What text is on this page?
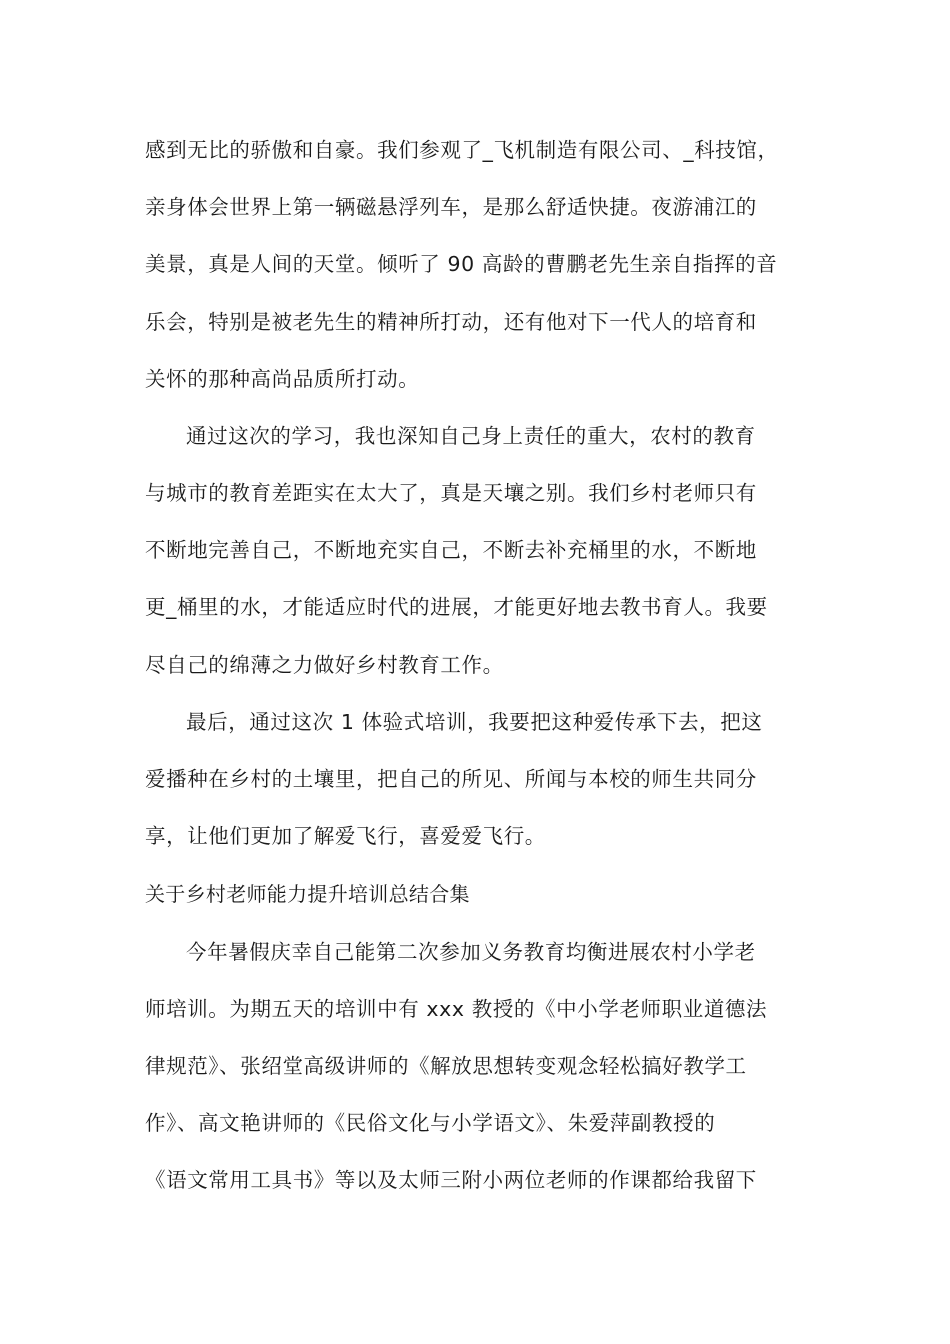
感到无比的骄傲和自豪。我们参观了_飞机制造有限公司、_科技馆，
亲身体会世界上第一辆磁悬浮列车，是那么舒适快捷。夜游浦江的
美景，真是人间的天堂。倾听了 90 高龄的曹鹏老先生亲自指挥的音
乐会，特别是被老先生的精神所打动，还有他对下一代人的培育和
关怀的那种高尚品质所打动。
通过这次的学习，我也深知自己身上责任的重大，农村的教育
与城市的教育差距实在太大了，真是天壤之别。我们乡村老师只有
不断地完善自己，不断地充实自己，不断去补充桶里的水，不断地
更_桶里的水，才能适应时代的进展，才能更好地去教书育人。我要
尽自己的绵薄之力做好乡村教育工作。
最后，通过这次 1 体验式培训，我要把这种爱传承下去，把这
爱播种在乡村的土壤里，把自己的所见、所闻与本校的师生共同分
享，让他们更加了解爱飞行，喜爱爱飞行。
关于乡村老师能力提升培训总结合集
今年暑假庆幸自己能第二次参加义务教育均衡进展农村小学老
师培训。为期五天的培训中有 xxx 教授的《中小学老师职业道德法
律规范》、张绍堂高级讲师的《解放思想转变观念轻松搞好教学工
作》、高文艳讲师的《民俗文化与小学语文》、朱爱萍副教授的
《语文常用工具书》等以及太师三附小两位老师的作课都给我留下
